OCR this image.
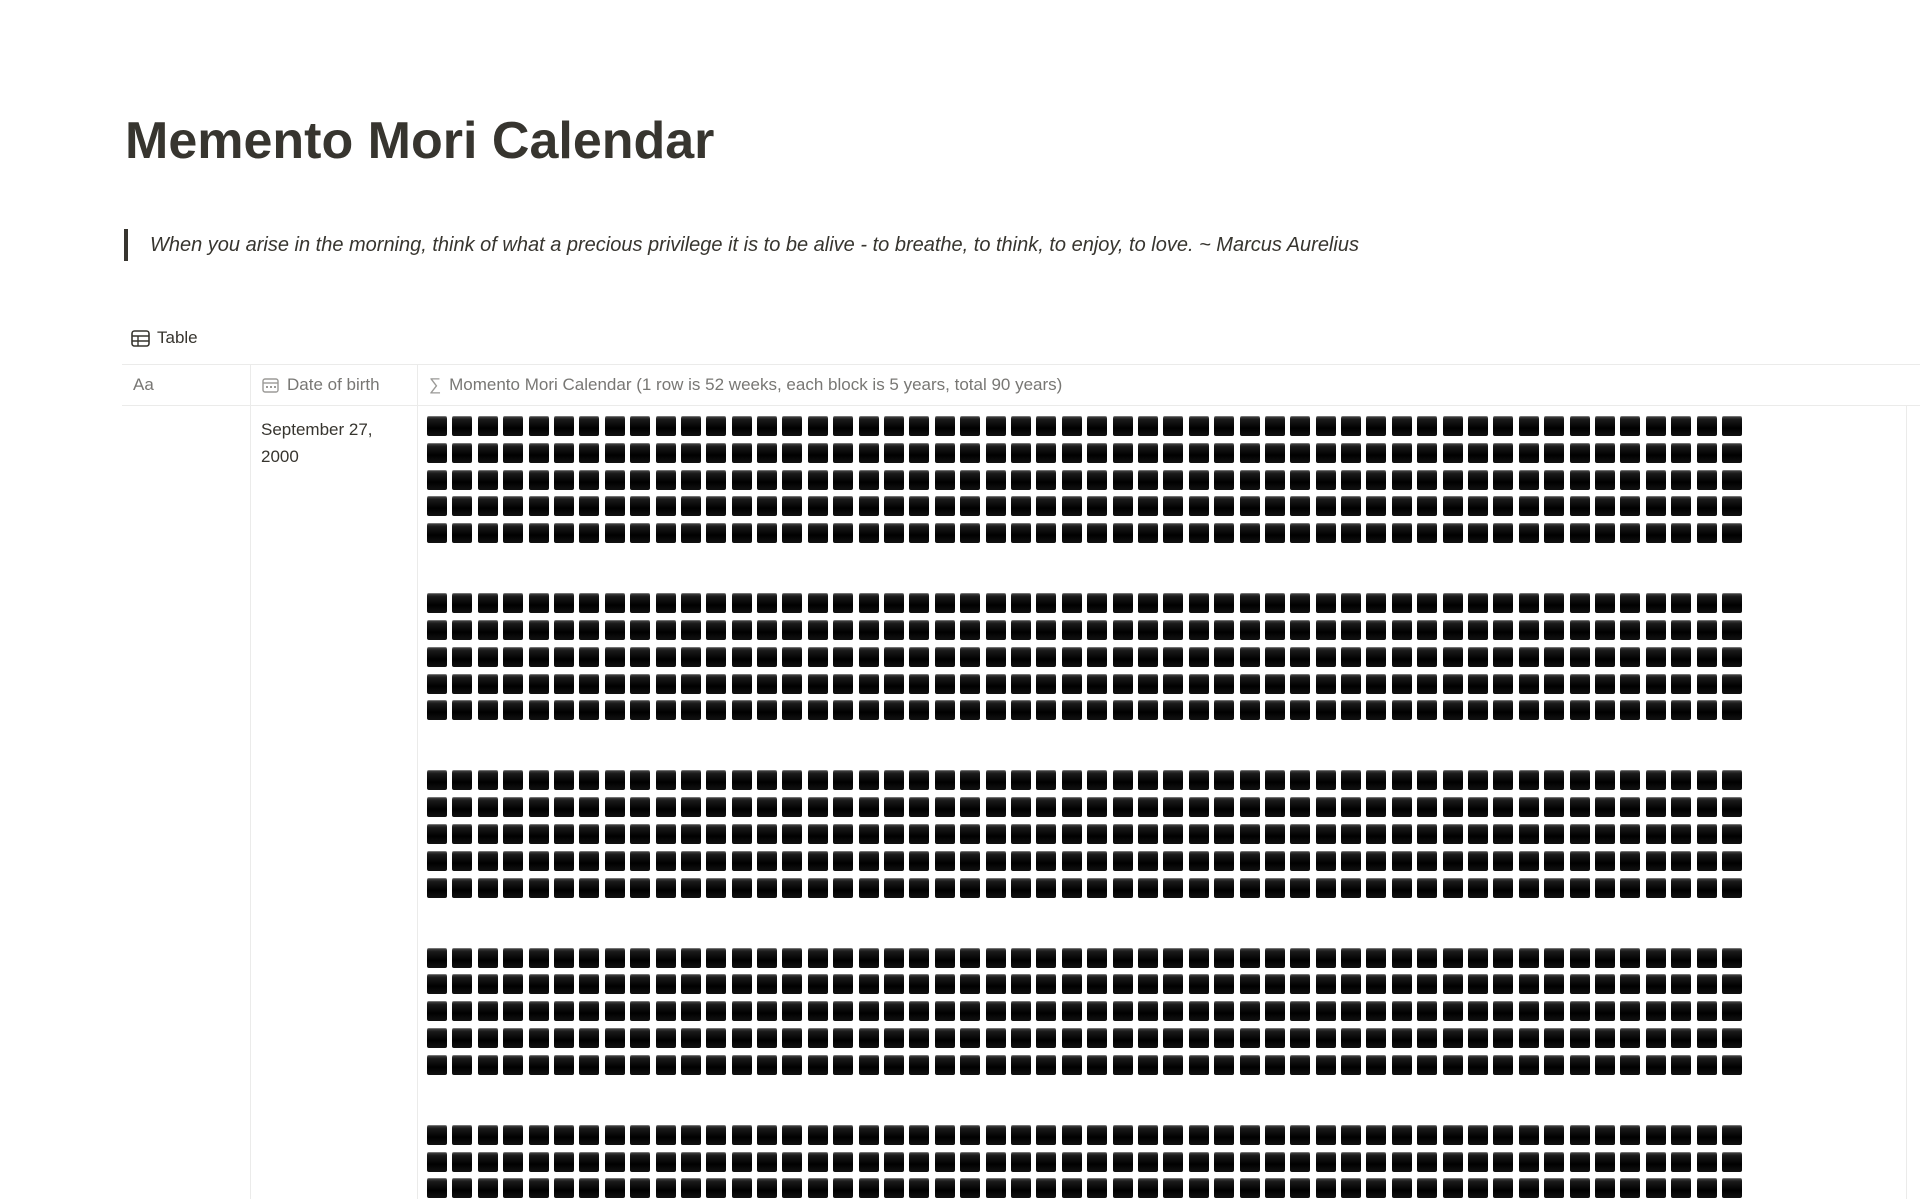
Memento Mori Calendar
When you arise in the morning, think of what a precious privilege it is to be alive - to breathe, to think, to enjoy, to love. ~ Marcus Aurelius
Table
Aa	Date of birth	∑ Momento Mori Calendar (1 row is 52 weeks, each block is 5 years, total 90 years)
September 27, 2000
